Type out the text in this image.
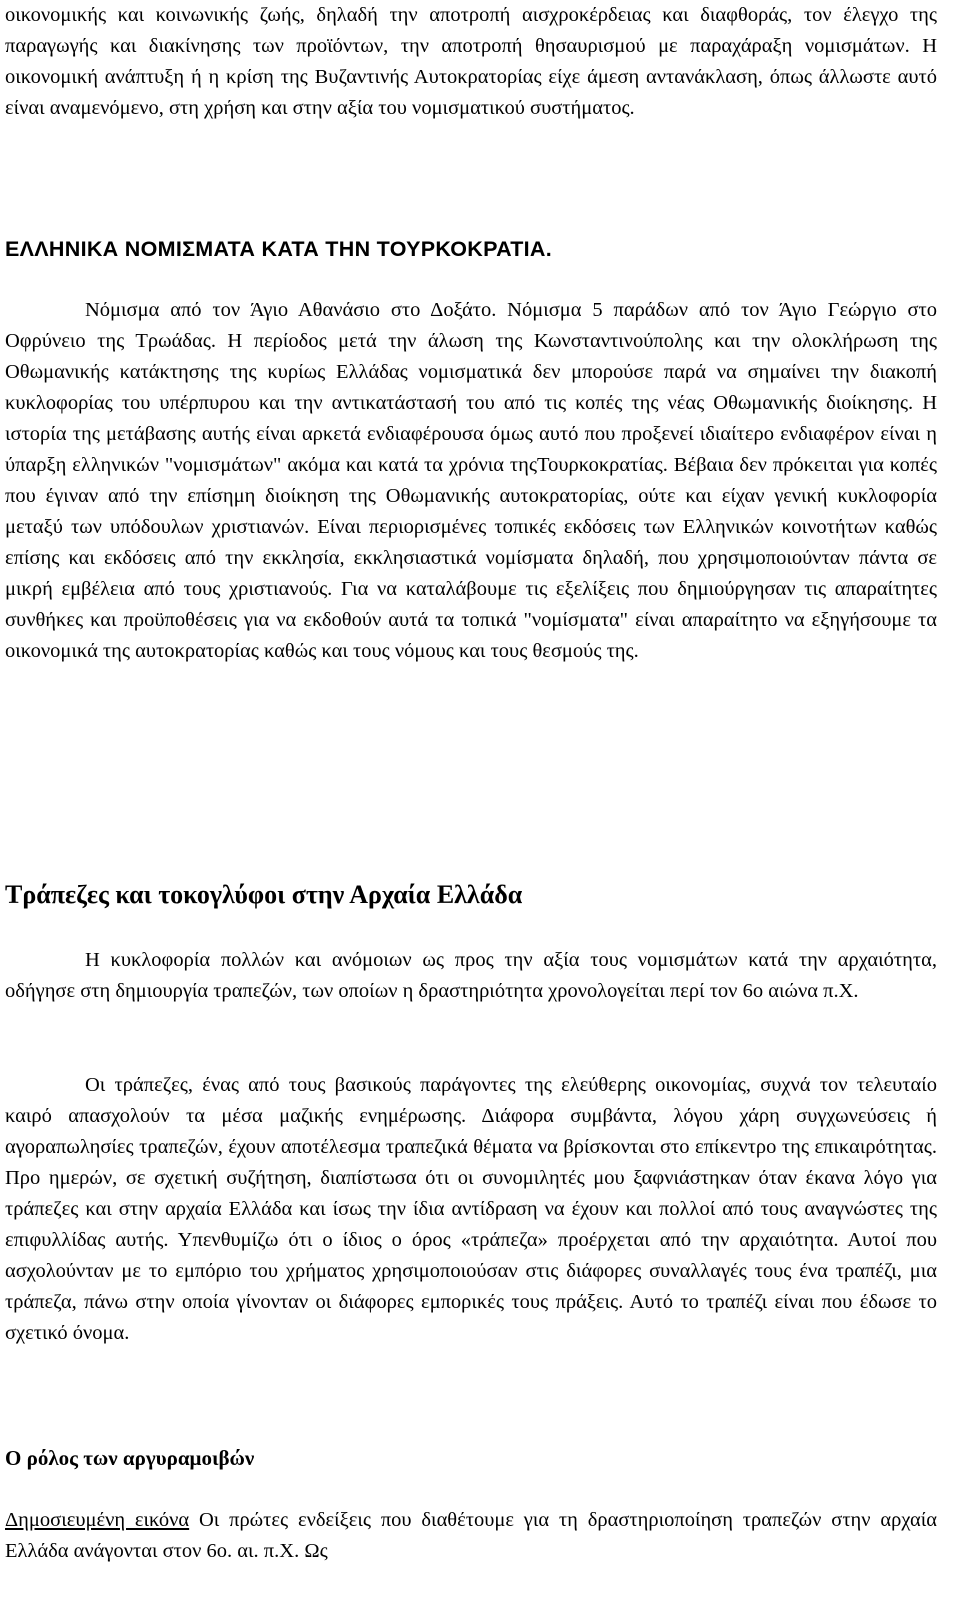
οικονομικής και κοινωνικής ζωής, δηλαδή την αποτροπή αισχροκέρδειας και διαφθοράς, τον έλεγχο της παραγωγής και διακίνησης των προϊόντων, την αποτροπή θησαυρισμού με παραχάραξη νομισμάτων. Η οικονομική ανάπτυξη ή η κρίση της Βυζαντινής Αυτοκρατορίας είχε άμεση αντανάκλαση, όπως άλλωστε αυτό είναι αναμενόμενο, στη χρήση και στην αξία του νομισματικού συστήματος.

ΕΛΛΗΝΙΚΑ ΝΟΜΙΣΜΑΤΑ ΚΑΤΑ ΤΗΝ ΤΟΥΡΚΟΚΡΑΤΙΑ.

Νόμισμα από τον Άγιο Αθανάσιο στο Δοξάτο. Νόμισμα 5 παράδων από τον Άγιο Γεώργιο στο Οφρύνειο της Τρωάδας. Η περίοδος μετά την άλωση της Κωνσταντινούπολης και την ολοκλήρωση της Οθωμανικής κατάκτησης της κυρίως Ελλάδας νομισματικά δεν μπορούσε παρά να σημαίνει την διακοπή κυκλοφορίας του υπέρπυρου και την αντικατάστασή του από τις κοπές της νέας Οθωμανικής διοίκησης. Η ιστορία της μετάβασης αυτής είναι αρκετά ενδιαφέρουσα όμως αυτό που προξενεί ιδιαίτερο ενδιαφέρον είναι η ύπαρξη ελληνικών "νομισμάτων" ακόμα και κατά τα χρόνια τηςΤουρκοκρατίας. Βέβαια δεν πρόκειται για κοπές που έγιναν από την επίσημη διοίκηση της Οθωμανικής αυτοκρατορίας, ούτε και είχαν γενική κυκλοφορία μεταξύ των υπόδουλων χριστιανών. Είναι περιορισμένες τοπικές εκδόσεις των Ελληνικών κοινοτήτων καθώς επίσης και εκδόσεις από την εκκλησία, εκκλησιαστικά νομίσματα δηλαδή, που χρησιμοποιούνταν πάντα σε μικρή εμβέλεια από τους χριστιανούς. Για να καταλάβουμε τις εξελίξεις που δημιούργησαν τις απαραίτητες συνθήκες και προϋποθέσεις για να εκδοθούν αυτά τα τοπικά "νομίσματα" είναι απαραίτητο να εξηγήσουμε τα οικονομικά της αυτοκρατορίας καθώς και τους νόμους και τους θεσμούς της.

Τράπεζες και τοκογλύφοι στην Αρχαία Ελλάδα

Η κυκλοφορία πολλών και ανόμοιων ως προς την αξία τους νομισμάτων κατά την αρχαιότητα, οδήγησε στη δημιουργία τραπεζών, των οποίων η δραστηριότητα χρονολογείται περί τον 6ο αιώνα π.Χ.

Οι τράπεζες, ένας από τους βασικούς παράγοντες της ελεύθερης οικονομίας, συχνά τον τελευταίο καιρό απασχολούν τα μέσα μαζικής ενημέρωσης. Διάφορα συμβάντα, λόγου χάρη συγχωνεύσεις ή αγοραπωλησίες τραπεζών, έχουν αποτέλεσμα τραπεζικά θέματα να βρίσκονται στο επίκεντρο της επικαιρότητας. Προ ημερών, σε σχετική συζήτηση, διαπίστωσα ότι οι συνομιλητές μου ξαφνιάστηκαν όταν έκανα λόγο για τράπεζες και στην αρχαία Ελλάδα και ίσως την ίδια αντίδραση να έχουν και πολλοί από τους αναγνώστες της επιφυλλίδας αυτής. Υπενθυμίζω ότι ο ίδιος ο όρος «τράπεζα» προέρχεται από την αρχαιότητα. Αυτοί που ασχολούνταν με το εμπόριο του χρήματος χρησιμοποιούσαν στις διάφορες συναλλαγές τους ένα τραπέζι, μια τράπεζα, πάνω στην οποία γίνονταν οι διάφορες εμπορικές τους πράξεις. Αυτό το τραπέζι είναι που έδωσε το σχετικό όνομα.

Ο ρόλος των αργυραμοιβών

Δημοσιευμένη εικόνα Οι πρώτες ενδείξεις που διαθέτουμε για τη δραστηριοποίηση τραπεζών στην αρχαία Ελλάδα ανάγονται στον 6ο. αι. π.Χ. Ως
